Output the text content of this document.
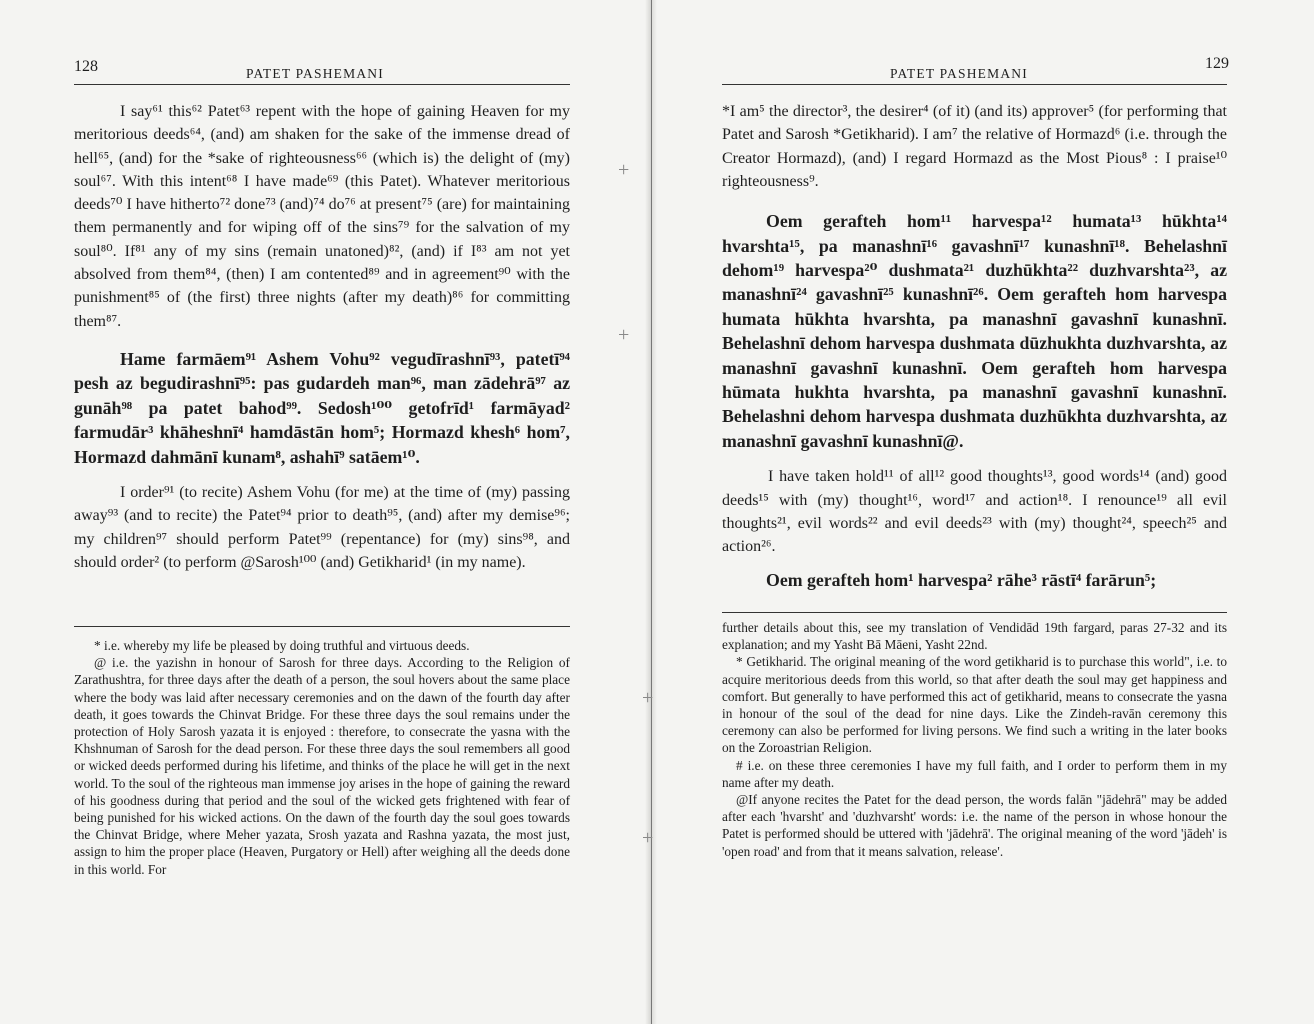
+
+
+
+
128	PATET PASHEMANI

I say⁶¹ this⁶² Patet⁶³ repent with the hope of gaining Heaven for my meritorious deeds⁶⁴, (and) am shaken for the sake of the immense dread of hell⁶⁵, (and) for the *sake of righteousness⁶⁶ (which is) the delight of (my) soul⁶⁷. With this intent⁶⁸ I have made⁶⁹ (this Patet). Whatever meritorious deeds⁷⁰ I have hitherto⁷² done⁷³ (and)⁷⁴ do⁷⁶ at present⁷⁵ (are) for maintaining them permanently and for wiping off of the sins⁷⁹ for the salvation of my soul⁸⁰. If⁸¹ any of my sins (remain unatoned)⁸², (and) if I⁸³ am not yet absolved from them⁸⁴, (then) I am contented⁸⁹ and in agreement⁹⁰ with the punishment⁸⁵ of (the first) three nights (after my death)⁸⁶ for committing them⁸⁷.

Hame farmāem⁹¹ Ashem Vohu⁹² vegudīrashnī⁹³, patetī⁹⁴ pesh az begudirashnī⁹⁵: pas gudardeh man⁹⁶, man zādehrā⁹⁷ az gunāh⁹⁸ pa patet bahod⁹⁹. Sedosh¹⁰⁰ getofrīd¹ farmāyad² farmudār³ khāheshnī⁴ hamdāstān hom⁵; Hormazd khesh⁶ hom⁷, Hormazd dahmānī kunam⁸, ashahī⁹ satāem¹⁰.

I order⁹¹ (to recite) Ashem Vohu (for me) at the time of (my) passing away⁹³ (and to recite) the Patet⁹⁴ prior to death⁹⁵, (and) after my demise⁹⁶; my children⁹⁷ should perform Patet⁹⁹ (repentance) for (my) sins⁹⁸, and should order² (to perform @Sarosh¹⁰⁰ (and) Getikharid¹ (in my name).

* i.e. whereby my life be pleased by doing truthful and virtuous deeds.

@ i.e. the yazishn in honour of Sarosh for three days. According to the Religion of Zarathushtra, for three days after the death of a person, the soul hovers about the same place where the body was laid after necessary ceremonies and on the dawn of the fourth day after death, it goes towards the Chinvat Bridge. For these three days the soul remains under the protection of Holy Sarosh yazata it is enjoyed : therefore, to consecrate the yasna with the Khshnuman of Sarosh for the dead person. For these three days the soul remembers all good or wicked deeds performed during his lifetime, and thinks of the place he will get in the next world. To the soul of the righteous man immense joy arises in the hope of gaining the reward of his goodness during that period and the soul of the wicked gets frightened with fear of being punished for his wicked actions. On the dawn of the fourth day the soul goes towards the Chinvat Bridge, where Meher yazata, Srosh yazata and Rashna yazata, the most just, assign to him the proper place (Heaven, Purgatory or Hell) after weighing all the deeds done in this world. For

PATET PASHEMANI
129

*I am⁵ the director³, the desirer⁴ (of it) (and its) approver⁵ (for performing that Patet and Sarosh *Getikharid). I am⁷ the relative of Hormazd⁶ (i.e. through the Creator Hormazd), (and) I regard Hormazd as the Most Pious⁸ : I praise¹⁰ righteousness⁹.

Oem gerafteh hom¹¹ harvespa¹² humata¹³ hūkhta¹⁴ hvarshta¹⁵, pa manashnī¹⁶ gavashnī¹⁷ kunashnī¹⁸. Behelashnī dehom¹⁹ harvespa²⁰ dushmata²¹ duzhūkhta²² duzhvarshta²³, az manashnī²⁴ gavashnī²⁵ kunashnī²⁶. Oem gerafteh hom harvespa humata hūkhta hvarshta, pa manashnī gavashnī kunashnī. Behelashnī dehom harvespa dushmata dūzhukhta duzhvarshta, az manashnī gavashnī kunashnī. Oem gerafteh hom harvespa hūmata hukhta hvarshta, pa manashnī gavashnī kunashnī. Behelashni dehom harvespa dushmata duzhūkhta duzhvarshta, az manashnī gavashnī kunashnī@.

I have taken hold¹¹ of all¹² good thoughts¹³, good words¹⁴ (and) good deeds¹⁵ with (my) thought¹⁶, word¹⁷ and action¹⁸. I renounce¹⁹ all evil thoughts²¹, evil words²² and evil deeds²³ with (my) thought²⁴, speech²⁵ and action²⁶.

Oem gerafteh hom¹ harvespa² rāhe³ rāstī⁴ farārun⁵;

further details about this, see my translation of Vendidād 19th fargard, paras 27-32 and its explanation; and my Yasht Bā Māeni, Yasht 22nd.

* Getikharid. The original meaning of the word getikharid is to purchase this world", i.e. to acquire meritorious deeds from this world, so that after death the soul may get happiness and comfort. But generally to have performed this act of getikharid, means to consecrate the yasna in honour of the soul of the dead for nine days. Like the Zindeh-ravān ceremony this ceremony can also be performed for living persons. We find such a writing in the later books on the Zoroastrian Religion.

# i.e. on these three ceremonies I have my full faith, and I order to perform them in my name after my death.

@If anyone recites the Patet for the dead person, the words falān "jādehrā" may be added after each 'hvarsht' and 'duzhvarsht' words: i.e. the name of the person in whose honour the Patet is performed should be uttered with 'jādehrā'. The original meaning of the word 'jādeh' is 'open road' and from that it means salvation, release'.
